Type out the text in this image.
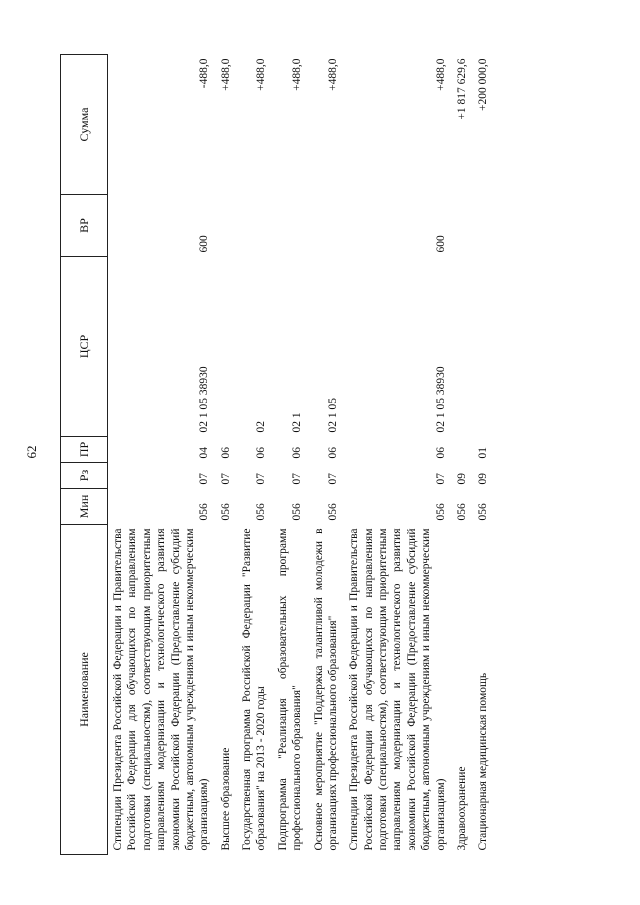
62
Наименование	Мин	Рз	ПР	ЦСР	ВР	Сумма
Стипендии Президента Российской Федерации и Правительства Российской Федерации для обучающихся по направлениям подготовки (специальностям), соответствующим приоритетным направлениям модернизации и технологического развития экономики Российской Федерации (Предоставление субсидий бюджетным, автономным учреждениям и иным некоммерческим организациям)	056	07	04	02 1 05 38930	600	-488,0
Высшее образование	056	07	06			+488,0
Государственная программа Российской Федерации "Развитие образования" на 2013 - 2020 годы	056	07	06	02		+488,0
Подпрограмма "Реализация образовательных программ профессионального образования"	056	07	06	02 1		+488,0
Основное мероприятие "Поддержка талантливой молодежи в организациях профессионального образования"	056	07	06	02 1 05		+488,0
Стипендии Президента Российской Федерации и Правительства Российской Федерации для обучающихся по направлениям подготовки (специальностям), соответствующим приоритетным направлениям модернизации и технологического развития экономики Российской Федерации (Предоставление субсидий бюджетным, автономным учреждениям и иным некоммерческим организациям)	056	07	06	02 1 05 38930	600	+488,0
Здравоохранение	056	09				+1 817 629,6
Стационарная медицинская помощь	056	09	01			+200 000,0
